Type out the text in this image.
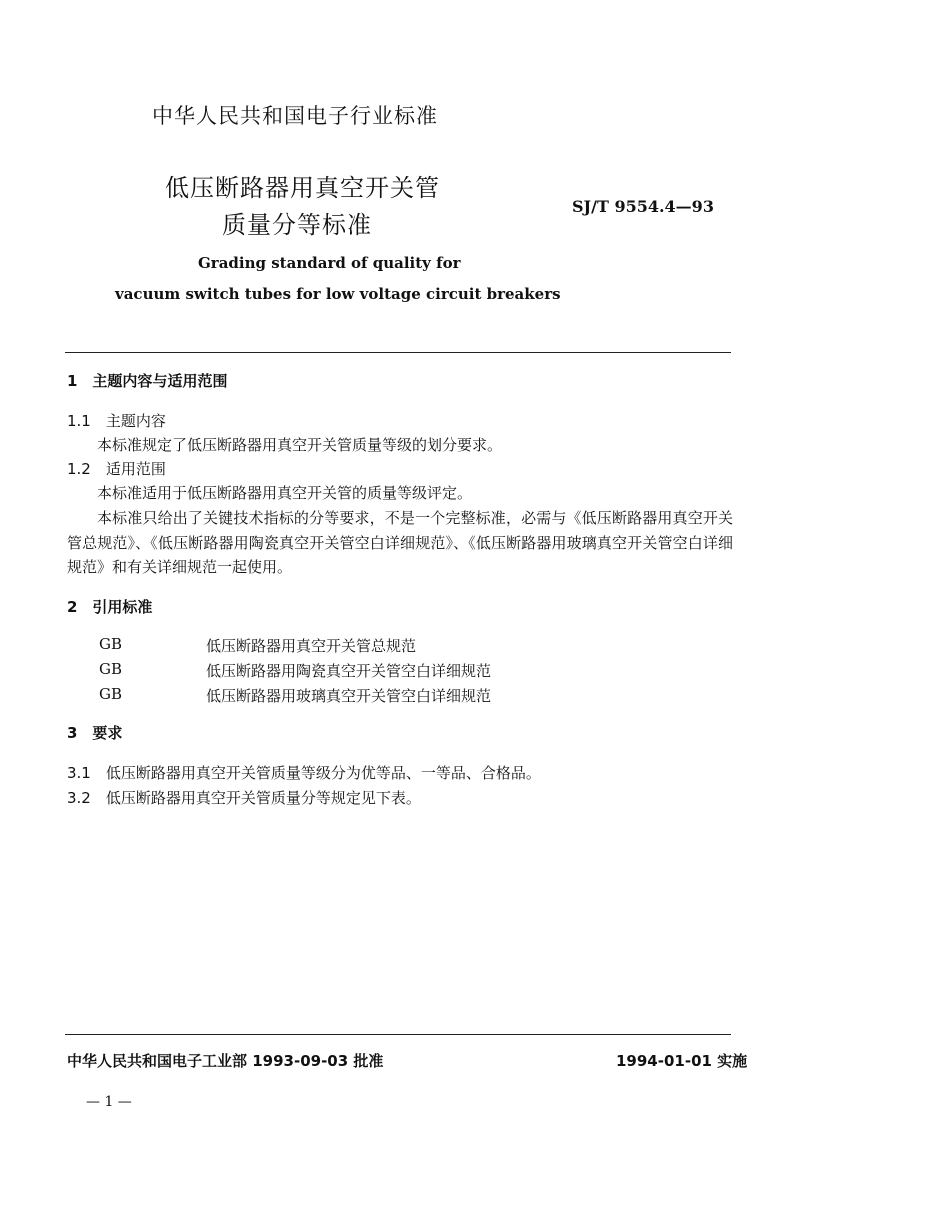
中华人民共和国电子行业标准
低压断路器用真空开关管
质量分等标准
SJ/T 9554.4—93
Grading standard of quality for
vacuum switch tubes for low voltage circuit breakers
1　主题内容与适用范围
1.1　主题内容
本标准规定了低压断路器用真空开关管质量等级的划分要求。
1.2　适用范围
本标准适用于低压断路器用真空开关管的质量等级评定。

本标准只给出了关键技术指标的分等要求，不是一个完整标准，必需与《低压断路器用真空开关管总规范》、《低压断路器用陶瓷真空开关管空白详细规范》、《低压断路器用玻璃真空开关管空白详细规范》和有关详细规范一起使用。

2　引用标准
GB	低压断路器用真空开关管总规范
GB	低压断路器用陶瓷真空开关管空白详细规范
GB	低压断路器用玻璃真空开关管空白详细规范
3　要求
3.1　低压断路器用真空开关管质量等级分为优等品、一等品、合格品。
3.2　低压断路器用真空开关管质量分等规定见下表。
中华人民共和国电子工业部 1993-09-03 批准	1994-01-01 实施
— 1 —
